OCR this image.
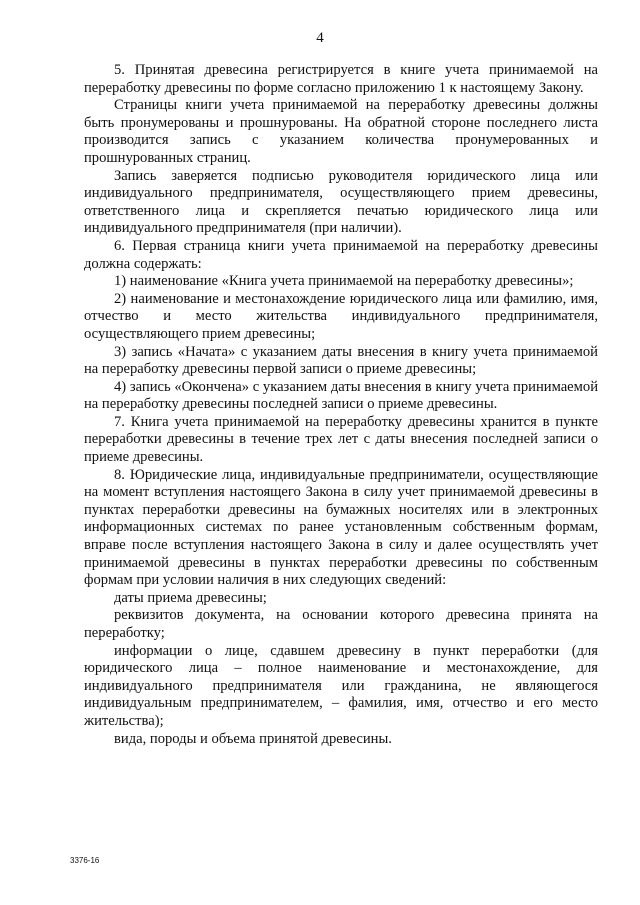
4

5. Принятая древесина регистрируется в книге учета принимаемой на переработку древесины по форме согласно приложению 1 к настоящему Закону.

Страницы книги учета принимаемой на переработку древесины должны быть пронумерованы и прошнурованы. На обратной стороне последнего листа производится запись с указанием количества пронумерованных и прошнурованных страниц.

Запись заверяется подписью руководителя юридического лица или индивидуального предпринимателя, осуществляющего прием древесины, ответственного лица и скрепляется печатью юридического лица или индивидуального предпринимателя (при наличии).

6. Первая страница книги учета принимаемой на переработку древесины должна содержать:

1) наименование «Книга учета принимаемой на переработку древесины»;

2) наименование и местонахождение юридического лица или фамилию, имя, отчество и место жительства индивидуального предпринимателя, осуществляющего прием древесины;

3) запись «Начата» с указанием даты внесения в книгу учета принимаемой на переработку древесины первой записи о приеме древесины;

4) запись «Окончена» с указанием даты внесения в книгу учета принимаемой на переработку древесины последней записи о приеме древесины.

7. Книга учета принимаемой на переработку древесины хранится в пункте переработки древесины в течение трех лет с даты внесения последней записи о приеме древесины.

8. Юридические лица, индивидуальные предприниматели, осуществляющие на момент вступления настоящего Закона в силу учет принимаемой древесины в пунктах переработки древесины на бумажных носителях или в электронных информационных системах по ранее установленным собственным формам, вправе после вступления настоящего Закона в силу и далее осуществлять учет принимаемой древесины в пунктах переработки древесины по собственным формам при условии наличия в них следующих сведений:

даты приема древесины;

реквизитов документа, на основании которого древесина принята на переработку;

информации о лице, сдавшем древесину в пункт переработки (для юридического лица – полное наименование и местонахождение, для индивидуального предпринимателя или гражданина, не являющегося индивидуальным предпринимателем, – фамилия, имя, отчество и его место жительства);

вида, породы и объема принятой древесины.

3376-16
